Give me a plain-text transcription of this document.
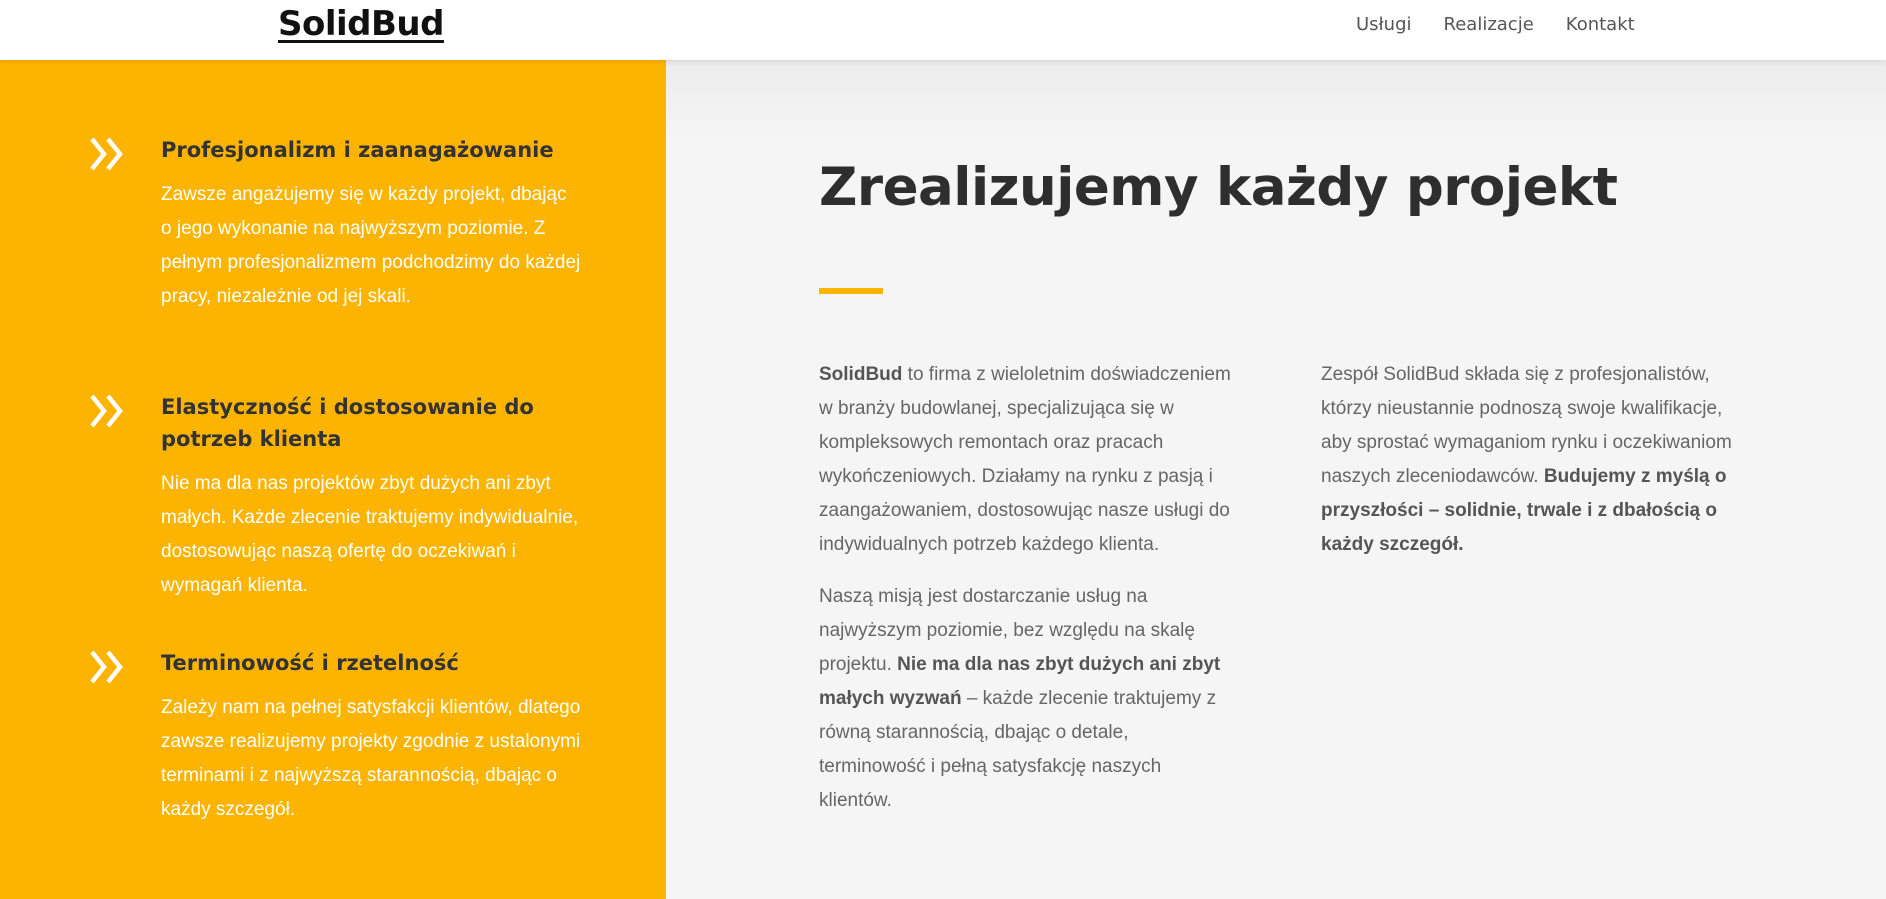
SolidBud	Usługi Realizacje Kontakt
Profesjonalizm i zaanagażowanie

Zawsze angażujemy się w każdy projekt, dbając o jego wykonanie na najwyższym poziomie. Z pełnym profesjonalizmem podchodzimy do każdej pracy, niezależnie od jej skali.

Elastyczność i dostosowanie do potrzeb klienta

Nie ma dla nas projektów zbyt dużych ani zbyt małych. Każde zlecenie traktujemy indywidualnie, dostosowując naszą ofertę do oczekiwań i wymagań klienta.

Terminowość i rzetelność

Zależy nam na pełnej satysfakcji klientów, dlatego zawsze realizujemy projekty zgodnie z ustalonymi terminami i z najwyższą starannością, dbając o każdy szczegół.

Zrealizujemy każdy projekt

SolidBud to firma z wieloletnim doświadczeniem w branży budowlanej, specjalizująca się w kompleksowych remontach oraz pracach wykończeniowych. Działamy na rynku z pasją i zaangażowaniem, dostosowując nasze usługi do indywidualnych potrzeb każdego klienta.

Naszą misją jest dostarczanie usług na najwyższym poziomie, bez względu na skalę projektu. Nie ma dla nas zbyt dużych ani zbyt małych wyzwań – każde zlecenie traktujemy z równą starannością, dbając o detale, terminowość i pełną satysfakcję naszych klientów.

Zespół SolidBud składa się z profesjonalistów, którzy nieustannie podnoszą swoje kwalifikacje, aby sprostać wymaganiom rynku i oczekiwaniom naszych zleceniodawców. Budujemy z myślą o przyszłości – solidnie, trwale i z dbałością o każdy szczegół.
